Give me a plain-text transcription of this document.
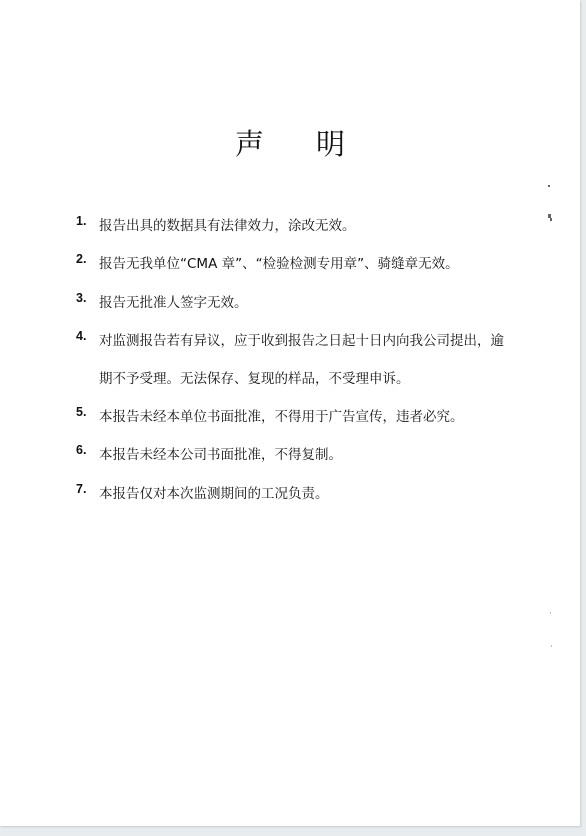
声 明
1. 报告出具的数据具有法律效力，涂改无效。
2. 报告无我单位“CMA 章”、“检验检测专用章”、骑缝章无效。
3. 报告无批准人签字无效。
4. 对监测报告若有异议，应于收到报告之日起十日内向我公司提出，逾
期不予受理。无法保存、复现的样品，不受理申诉。
5. 本报告未经本单位书面批准，不得用于广告宣传，违者必究。
6. 本报告未经本公司书面批准，不得复制。
7. 本报告仅对本次监测期间的工况负责。
